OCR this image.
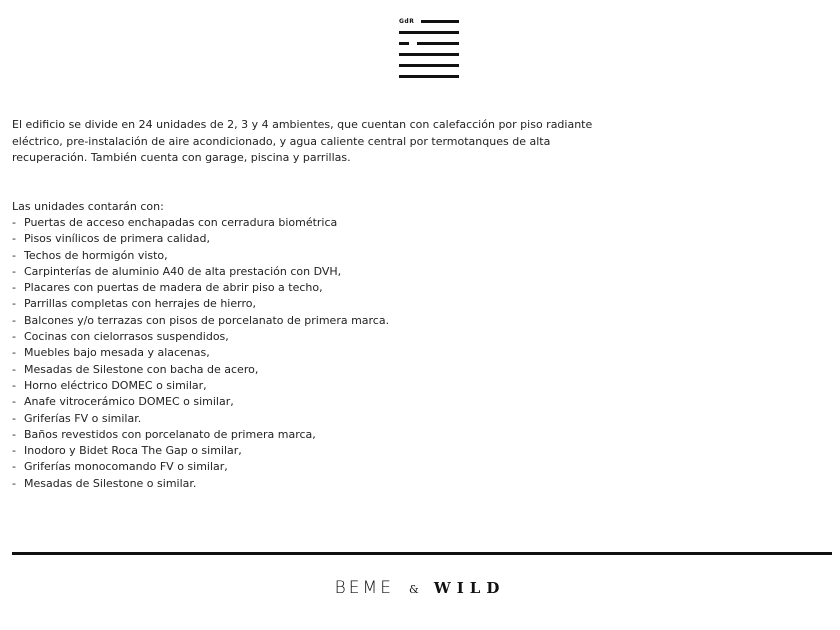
GdR

El edificio se divide en 24 unidades de 2, 3 y 4 ambientes, que cuentan con calefacción por piso radiante eléctrico, pre-instalación de aire acondicionado, y agua caliente central por termotanques de alta recuperación. También cuenta con garage, piscina y parrillas.

Las unidades contarán con:

- Puertas de acceso enchapadas con cerradura biométrica
- Pisos vinílicos de primera calidad,
- Techos de hormigón visto,
- Carpinterías de aluminio A40 de alta prestación con DVH,
- Placares con puertas de madera de abrir piso a techo,
- Parrillas completas con herrajes de hierro,
- Balcones y/o terrazas con pisos de porcelanato de primera marca.
- Cocinas con cielorrasos suspendidos,
- Muebles bajo mesada y alacenas,
- Mesadas de Silestone con bacha de acero,
- Horno eléctrico DOMEC o similar,
- Anafe vitrocerámico DOMEC o similar,
- Griferías FV o similar.
- Baños revestidos con porcelanato de primera marca,
- Inodoro y Bidet Roca The Gap o similar,
- Griferías monocomando FV o similar,
- Mesadas de Silestone o similar.
BEME & WILD
